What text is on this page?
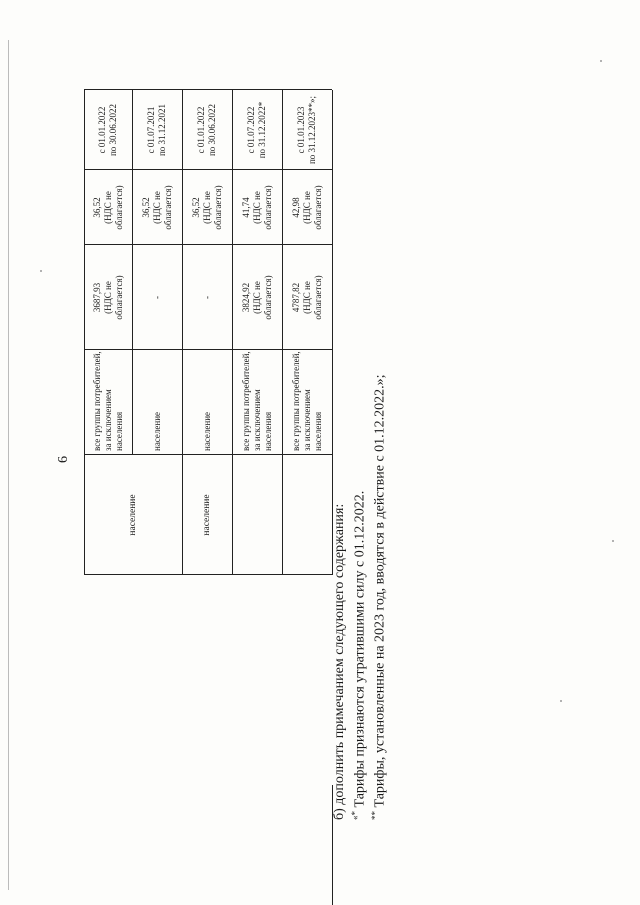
6
население	население
все группы потребителей,
за исключением населения
3687,93
(НДС не
облагается)
36,52
(НДС не
облагается)
с 01.01.2022
по 30.06.2022
население
-
36,52
(НДС не
облагается)
с 01.07.2021
по 31.12.2021
население
-
36,52
(НДС не
облагается)
с 01.01.2022
по 30.06.2022
все группы потребителей,
за исключением населения
3824,92
(НДС не
облагается)
41,74
(НДС не
облагается)
с 01.07.2022
по 31.12.2022*
все группы потребителей,
за исключением населения
4787,82
(НДС не
облагается)
42,98
(НДС не
облагается)
с 01.01.2023
по 31.12.2023**»;
б) дополнить примечанием следующего содержания: «* Тарифы признаются утратившими силу с 01.12.2022.
** Тарифы, установленные на 2023 год, вводятся в действие с 01.12.2022.»;
